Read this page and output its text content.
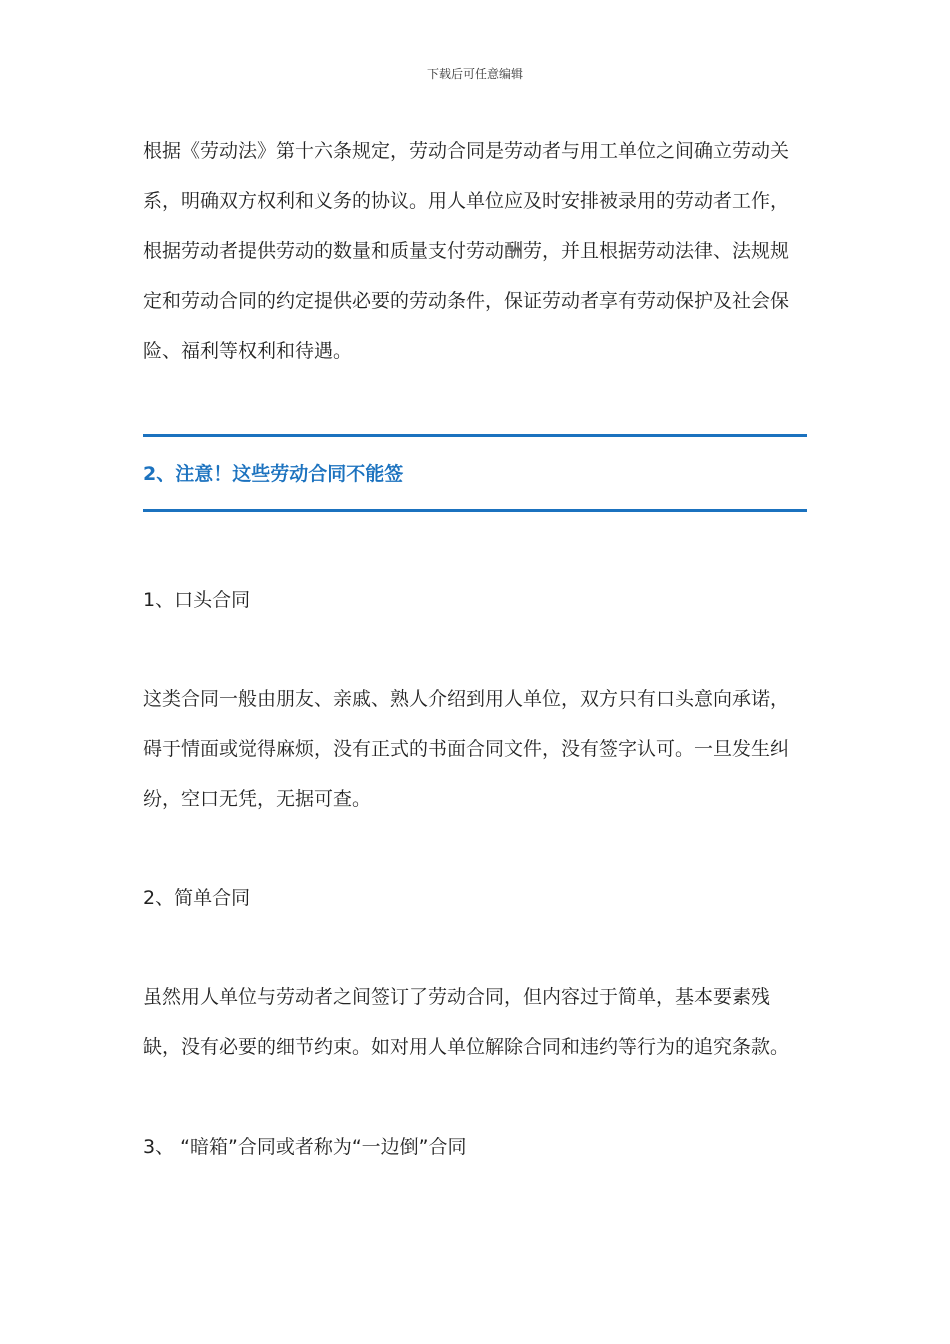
下载后可任意编辑

根据《劳动法》第十六条规定，劳动合同是劳动者与用工单位之间确立劳动关系，明确双方权利和义务的协议。用人单位应及时安排被录用的劳动者工作，根据劳动者提供劳动的数量和质量支付劳动酬劳，并且根据劳动法律、法规规定和劳动合同的约定提供必要的劳动条件，保证劳动者享有劳动保护及社会保险、福利等权利和待遇。

2、注意！这些劳动合同不能签
1、口头合同

这类合同一般由朋友、亲戚、熟人介绍到用人单位，双方只有口头意向承诺，碍于情面或觉得麻烦，没有正式的书面合同文件，没有签字认可。一旦发生纠纷，空口无凭，无据可查。

2、简单合同

虽然用人单位与劳动者之间签订了劳动合同，但内容过于简单，基本要素残缺，没有必要的细节约束。如对用人单位解除合同和违约等行为的追究条款。

3、 “暗箱”合同或者称为“一边倒”合同
